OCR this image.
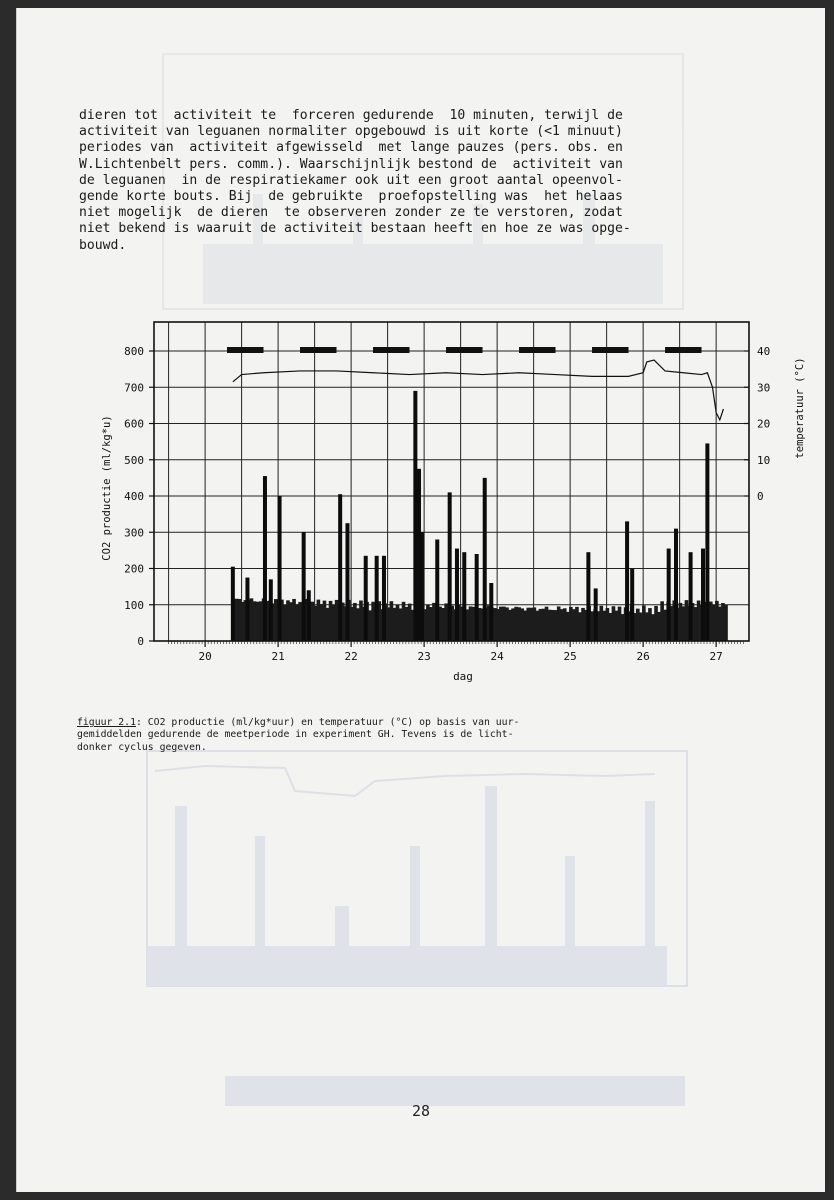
dieren tot  activiteit te  forceren gedurende  10 minuten, terwijl de
activiteit van leguanen normaliter opgebouwd is uit korte (<1 minuut)
periodes van  activiteit afgewisseld  met lange pauzes (pers. obs. en
W.Lichtenbelt pers. comm.). Waarschijnlijk bestond de  activiteit van
de leguanen  in de respiratiekamer ook uit een groot aantal opeenvol-
gende korte bouts. Bij  de gebruikte  proefopstelling was  het helaas
niet mogelijk  de dieren  te observeren zonder ze te verstoren, zodat
niet bekend is waaruit de activiteit bestaan heeft en hoe ze was opge-
bouwd.

20	21	22	23	24	25	26	27
0
100
200
300
400
500
600
700
800
0
10
20
30
40
dag
CO2 productie (ml/kg*u)
temperatuur (°C)
figuur 2.1: CO2 productie (ml/kg*uur) en temperatuur (°C) op basis van uur-
gemiddelden gedurende de meetperiode in experiment GH. Tevens is de licht-
donker cyclus gegeven.
28
